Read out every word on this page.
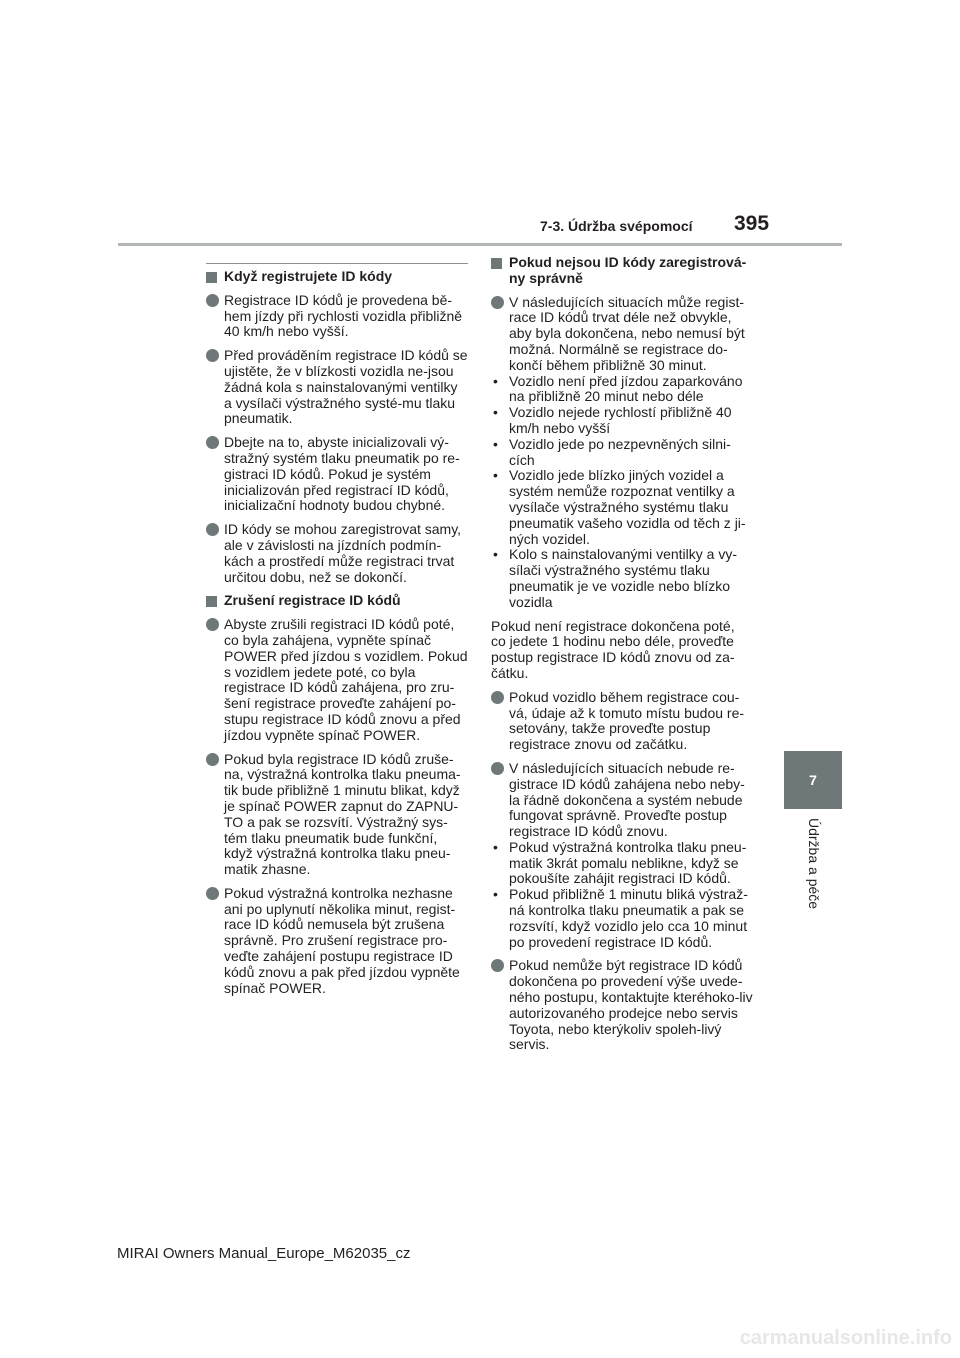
7-3. Údržba svépomocí 395
7
Údržba a péče
Když registrujete ID kódy
Registrace ID kódů je provedena bě-hem jízdy při rychlosti vozidla přibližně 40 km/h nebo vyšší.
Před prováděním registrace ID kódů se ujistěte, že v blízkosti vozidla ne-jsou žádná kola s nainstalovanými ventilky a vysílači výstražného systé-mu tlaku pneumatik.
Dbejte na to, abyste inicializovali vý-stražný systém tlaku pneumatik po re-gistraci ID kódů. Pokud je systém inicializován před registrací ID kódů, inicializační hodnoty budou chybné.
ID kódy se mohou zaregistrovat samy, ale v závislosti na jízdních podmín-kách a prostředí může registraci trvat určitou dobu, než se dokončí.
Zrušení registrace ID kódů
Abyste zrušili registraci ID kódů poté, co byla zahájena, vypněte spínač POWER před jízdou s vozidlem. Pokud s vozidlem jedete poté, co byla registrace ID kódů zahájena, pro zru-šení registrace proveďte zahájení po-stupu registrace ID kódů znovu a před jízdou vypněte spínač POWER.
Pokud byla registrace ID kódů zruše-na, výstražná kontrolka tlaku pneuma-tik bude přibližně 1 minutu blikat, když je spínač POWER zapnut do ZAPNU-TO a pak se rozsvítí. Výstražný sys-tém tlaku pneumatik bude funkční, když výstražná kontrolka tlaku pneu-matik zhasne.
Pokud výstražná kontrolka nezhasne ani po uplynutí několika minut, regist-race ID kódů nemusela být zrušena správně. Pro zrušení registrace pro-veďte zahájení postupu registrace ID kódů znovu a pak před jízdou vypněte spínač POWER.
Pokud nejsou ID kódy zaregistrová-ny správně
V následujících situacích může regist-race ID kódů trvat déle než obvykle, aby byla dokončena, nebo nemusí být možná. Normálně se registrace do-končí během přibližně 30 minut.
• Vozidlo není před jízdou zaparkováno na přibližně 20 minut nebo déle
• Vozidlo nejede rychlostí přibližně 40 km/h nebo vyšší
• Vozidlo jede po nezpevněných silni-cích
• Vozidlo jede blízko jiných vozidel a systém nemůže rozpoznat ventilky a vysílače výstražného systému tlaku pneumatik vašeho vozidla od těch z ji-ných vozidel.
• Kolo s nainstalovanými ventilky a vy-sílači výstražného systému tlaku pneumatik je ve vozidle nebo blízko vozidla
Pokud není registrace dokončena poté, co jedete 1 hodinu nebo déle, proveďte postup registrace ID kódů znovu od za-čátku.
Pokud vozidlo během registrace cou-vá, údaje až k tomuto místu budou re-setovány, takže proveďte postup registrace znovu od začátku.
V následujících situacích nebude re-gistrace ID kódů zahájena nebo neby-la řádně dokončena a systém nebude fungovat správně. Proveďte postup registrace ID kódů znovu.
• Pokud výstražná kontrolka tlaku pneu-matik 3krát pomalu neblikne, když se pokoušíte zahájit registraci ID kódů.
• Pokud přibližně 1 minutu bliká výstraž-ná kontrolka tlaku pneumatik a pak se rozsvítí, když vozidlo jelo cca 10 minut po provedení registrace ID kódů.
Pokud nemůže být registrace ID kódů dokončena po provedení výše uvede-ného postupu, kontaktujte kteréhoko-liv autorizovaného prodejce nebo servis Toyota, nebo kterýkoliv spoleh-livý servis.
MIRAI Owners Manual_Europe_M62035_cz
carmanualsonline.info
